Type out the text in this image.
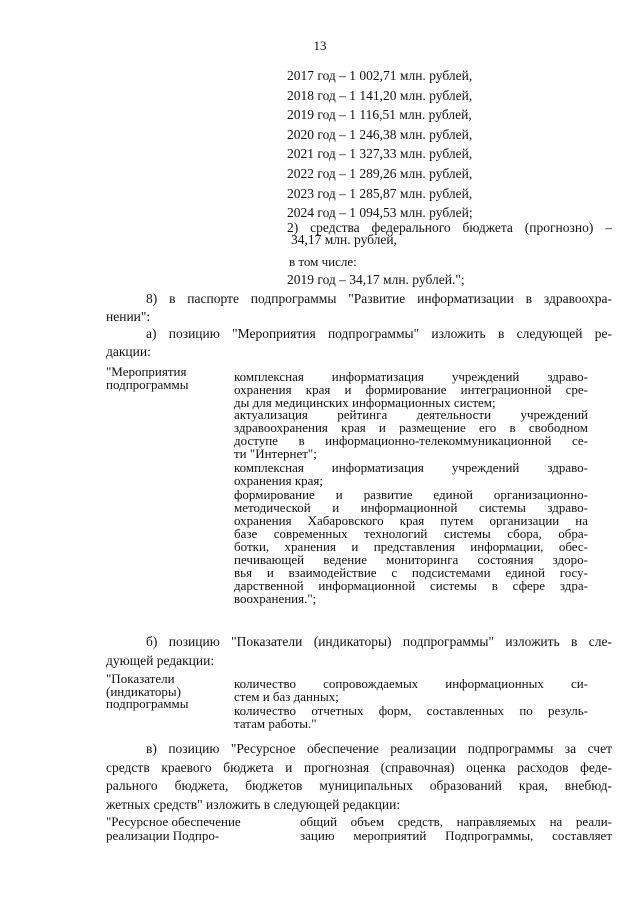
13
2017 год – 1 002,71 млн. рублей,
2018 год – 1 141,20 млн. рублей,
2019 год – 1 116,51 млн. рублей,
2020 год – 1 246,38 млн. рублей,
2021 год – 1 327,33 млн. рублей,
2022 год – 1 289,26 млн. рублей,
2023 год – 1 285,87 млн. рублей,
2024 год – 1 094,53 млн. рублей;
2) средства федерального бюджета (прогнозно) –
34,17 млн. рублей,
в том числе:
2019 год – 34,17 млн. рублей.";
8) в паспорте подпрограммы "Развитие информатизации в здравоохра-
нении":
а) позицию "Мероприятия подпрограммы" изложить в следующей ре-
дакции:
"Мероприятия
подпрограммы	комплексная информатизация учреждений здраво-
охранения края и формирование интеграционной сре-
ды для медицинских информационных систем;
актуализация рейтинга деятельности учреждений
здравоохранения края и размещение его в свободном
доступе в информационно-телекоммуникационной се-
ти "Интернет";
комплексная информатизация учреждений здраво-
охранения края;
формирование и развитие единой организационно-
методической и информационной системы здраво-
охранения Хабаровского края путем организации на
базе современных технологий системы сбора, обра-
ботки, хранения и представления информации, обес-
печивающей ведение мониторинга состояния здоро-
вья и взаимодействие с подсистемами единой госу-
дарственной информационной системы в сфере здра-
воохранения.";
б) позицию "Показатели (индикаторы) подпрограммы" изложить в сле-
дующей редакции:
"Показатели
(индикаторы)
подпрограммы
количество сопровождаемых информационных си-
стем и баз данных;
количество отчетных форм, составленных по резуль-
татам работы."
в) позицию "Ресурсное обеспечение реализации подпрограммы за счет
средств краевого бюджета и прогнозная (справочная) оценка расходов феде-
рального бюджета, бюджетов муниципальных образований края, внебюд-
жетных средств" изложить в следующей редакции:
"Ресурсное обеспечение
реализации Подпро-
общий объем средств, направляемых на реали-
зацию мероприятий Подпрограммы, составляет
